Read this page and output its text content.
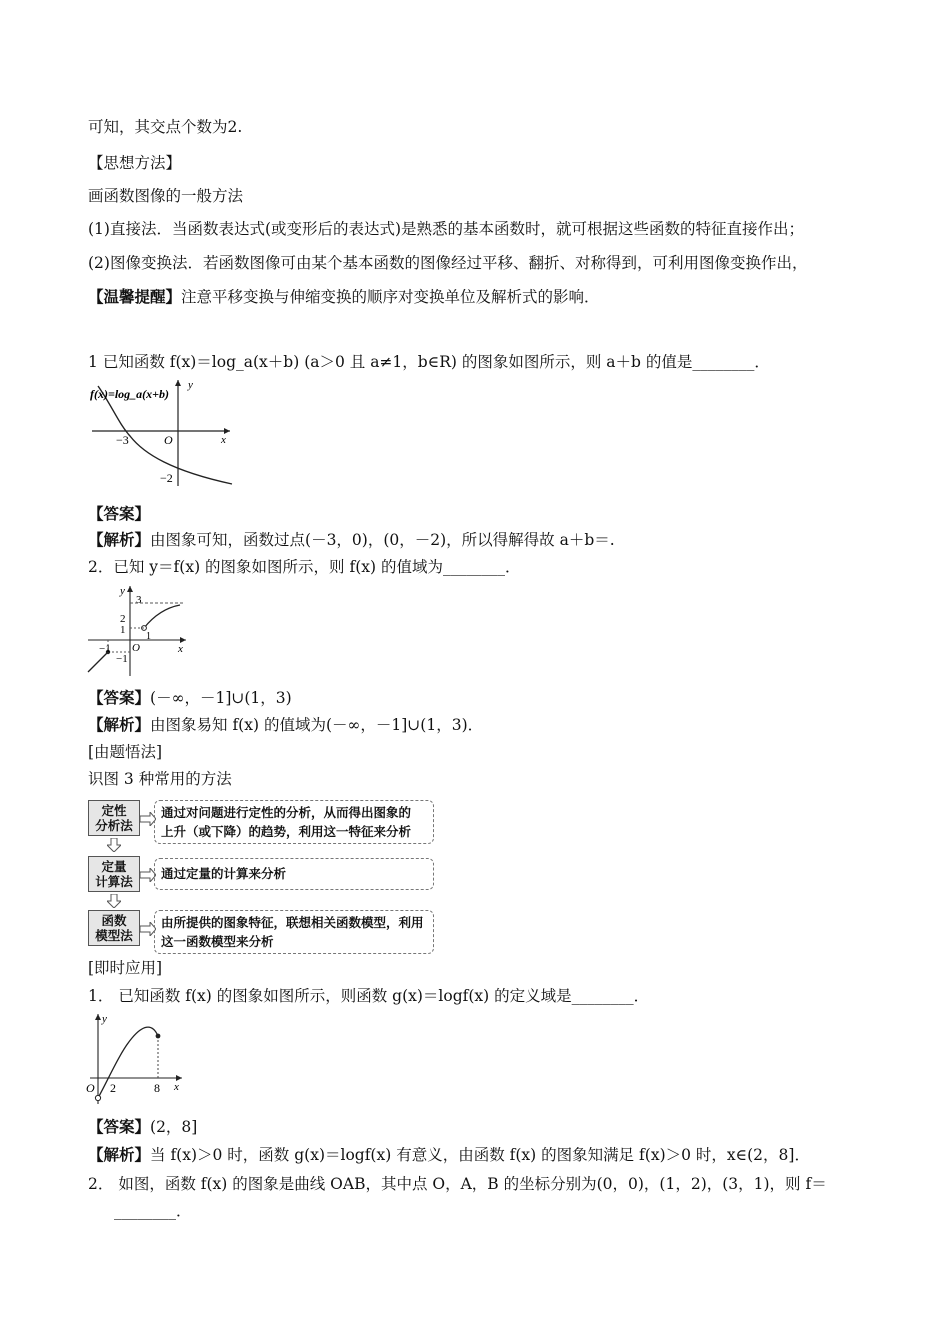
可知，其交点个数为2.
【思想方法】
画函数图像的一般方法
(1)直接法．当函数表达式(或变形后的表达式)是熟悉的基本函数时，就可根据这些函数的特征直接作出；
(2)图像变换法．若函数图像可由某个基本函数的图像经过平移、翻折、对称得到，可利用图像变换作出，
【温馨提醒】注意平移变换与伸缩变换的顺序对变换单位及解析式的影响．
1 已知函数 f(x)＝log_a(x＋b) (a＞0 且 a≠1，b∈R) 的图象如图所示，则 a＋b 的值是________．
f(x)=log_a(x+b)
y
x
−3	O
−2
【答案】
【解析】由图象可知，函数过点(－3，0)，(0，－2)，所以得解得故 a＋b＝.
2．已知 y＝f(x) 的图象如图所示，则 f(x) 的值域为________．
y
3
2
1
1
−1
−1
O	x
【答案】(－∞，－1]∪(1，3)
【解析】由图象易知 f(x) 的值域为(－∞，－1]∪(1，3)．
[由题悟法]
识图 3 种常用的方法
定性
分析法
通过对问题进行定性的分析，从而得出图象的
上升（或下降）的趋势，利用这一特征来分析
定量
计算法
通过定量的计算来分析
函数
模型法
由所提供的图象特征，联想相关函数模型，利用
这一函数模型来分析
[即时应用]
1． 已知函数 f(x) 的图象如图所示，则函数 g(x)＝logf(x) 的定义域是________．
y
O 2	8 x
【答案】(2，8]
【解析】当 f(x)＞0 时，函数 g(x)＝logf(x) 有意义，由函数 f(x) 的图象知满足 f(x)＞0 时，x∈(2，8]．
2． 如图，函数 f(x) 的图象是曲线 OAB，其中点 O，A，B 的坐标分别为(0，0)，(1，2)，(3，1)，则 f＝
________．
